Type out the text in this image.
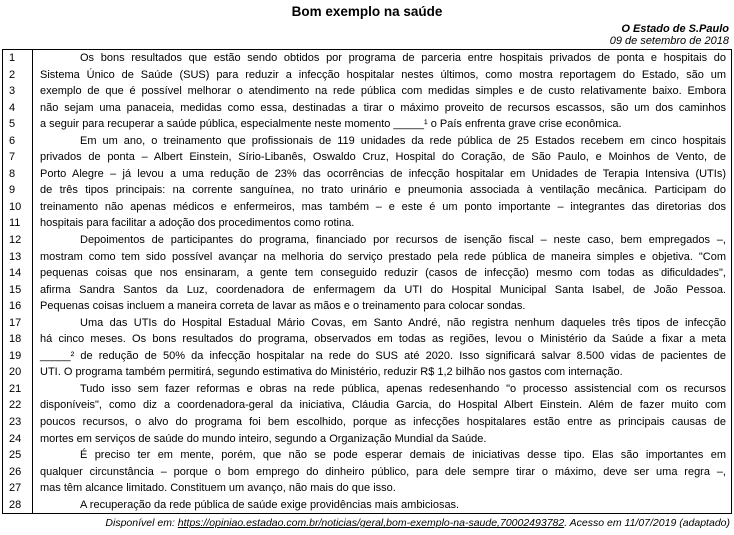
Bom exemplo na saúde
O Estado de S.Paulo
09 de setembro de 2018
1	Os bons resultados que estão sendo obtidos por programa de parceria entre hospitais privados de ponta e hospitais do
2	Sistema Único de Saúde (SUS) para reduzir a infecção hospitalar nestes últimos, como mostra reportagem do Estado, são um
3	exemplo de que é possível melhorar o atendimento na rede pública com medidas simples e de custo relativamente baixo. Embora
4	não sejam uma panaceia, medidas como essa, destinadas a tirar o máximo proveito de recursos escassos, são um dos caminhos
5	a seguir para recuperar a saúde pública, especialmente neste momento _____¹ o País enfrenta grave crise econômica.
6	Em um ano, o treinamento que profissionais de 119 unidades da rede pública de 25 Estados recebem em cinco hospitais
7	privados de ponta – Albert Einstein, Sírio-Libanês, Oswaldo Cruz, Hospital do Coração, de São Paulo, e Moinhos de Vento, de
8	Porto Alegre – já levou a uma redução de 23% das ocorrências de infecção hospitalar em Unidades de Terapia Intensiva (UTIs)
9	de três tipos principais: na corrente sanguínea, no trato urinário e pneumonia associada à ventilação mecânica. Participam do
10	treinamento não apenas médicos e enfermeiros, mas também – e este é um ponto importante – integrantes das diretorias dos
11	hospitais para facilitar a adoção dos procedimentos como rotina.
12	Depoimentos de participantes do programa, financiado por recursos de isenção fiscal – neste caso, bem empregados –,
13	mostram como tem sido possível avançar na melhoria do serviço prestado pela rede pública de maneira simples e objetiva. "Com
14	pequenas coisas que nos ensinaram, a gente tem conseguido reduzir (casos de infecção) mesmo com todas as dificuldades",
15	afirma Sandra Santos da Luz, coordenadora de enfermagem da UTI do Hospital Municipal Santa Isabel, de João Pessoa.
16	Pequenas coisas incluem a maneira correta de lavar as mãos e o treinamento para colocar sondas.
17	Uma das UTIs do Hospital Estadual Mário Covas, em Santo André, não registra nenhum daqueles três tipos de infecção
18	há cinco meses. Os bons resultados do programa, observados em todas as regiões, levou o Ministério da Saúde a fixar a meta
19	_____² de redução de 50% da infecção hospitalar na rede do SUS até 2020. Isso significará salvar 8.500 vidas de pacientes de
20	UTI. O programa também permitirá, segundo estimativa do Ministério, reduzir R$ 1,2 bilhão nos gastos com internação.
21	Tudo isso sem fazer reformas e obras na rede pública, apenas redesenhando "o processo assistencial com os recursos
22	disponíveis", como diz a coordenadora-geral da iniciativa, Cláudia Garcia, do Hospital Albert Einstein. Além de fazer muito com
23	poucos recursos, o alvo do programa foi bem escolhido, porque as infecções hospitalares estão entre as principais causas de
24	mortes em serviços de saúde do mundo inteiro, segundo a Organização Mundial da Saúde.
25	É preciso ter em mente, porém, que não se pode esperar demais de iniciativas desse tipo. Elas são importantes em
26	qualquer circunstância – porque o bom emprego do dinheiro público, para dele sempre tirar o máximo, deve ser uma regra –,
27	mas têm alcance limitado. Constituem um avanço, não mais do que isso.
28	A recuperação da rede pública de saúde exige providências mais ambiciosas.
Disponível em: https://opiniao.estadao.com.br/noticias/geral,bom-exemplo-na-saude,70002493782. Acesso em 11/07/2019 (adaptado)
